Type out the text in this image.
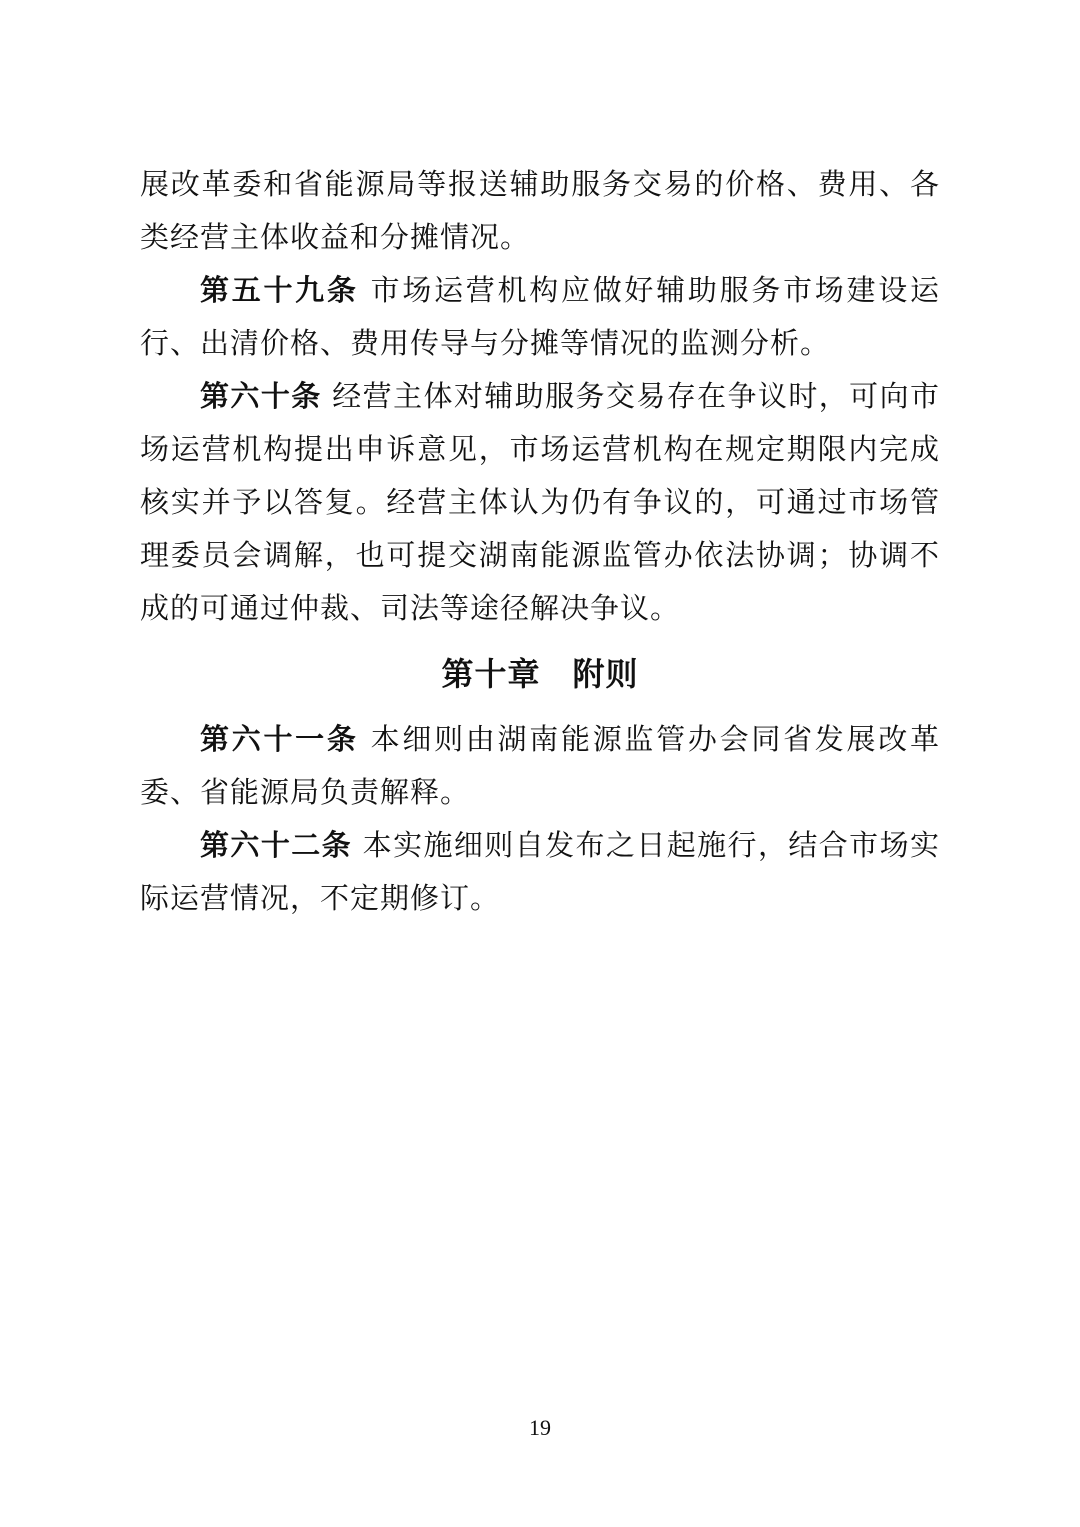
展改革委和省能源局等报送辅助服务交易的价格、费用、各类经营主体收益和分摊情况。

第五十九条 市场运营机构应做好辅助服务市场建设运行、出清价格、费用传导与分摊等情况的监测分析。

第六十条 经营主体对辅助服务交易存在争议时，可向市场运营机构提出申诉意见，市场运营机构在规定期限内完成核实并予以答复。经营主体认为仍有争议的，可通过市场管理委员会调解，也可提交湖南能源监管办依法协调；协调不成的可通过仲裁、司法等途径解决争议。

第十章 附则

第六十一条 本细则由湖南能源监管办会同省发展改革委、省能源局负责解释。

第六十二条 本实施细则自发布之日起施行，结合市场实际运营情况，不定期修订。

19
